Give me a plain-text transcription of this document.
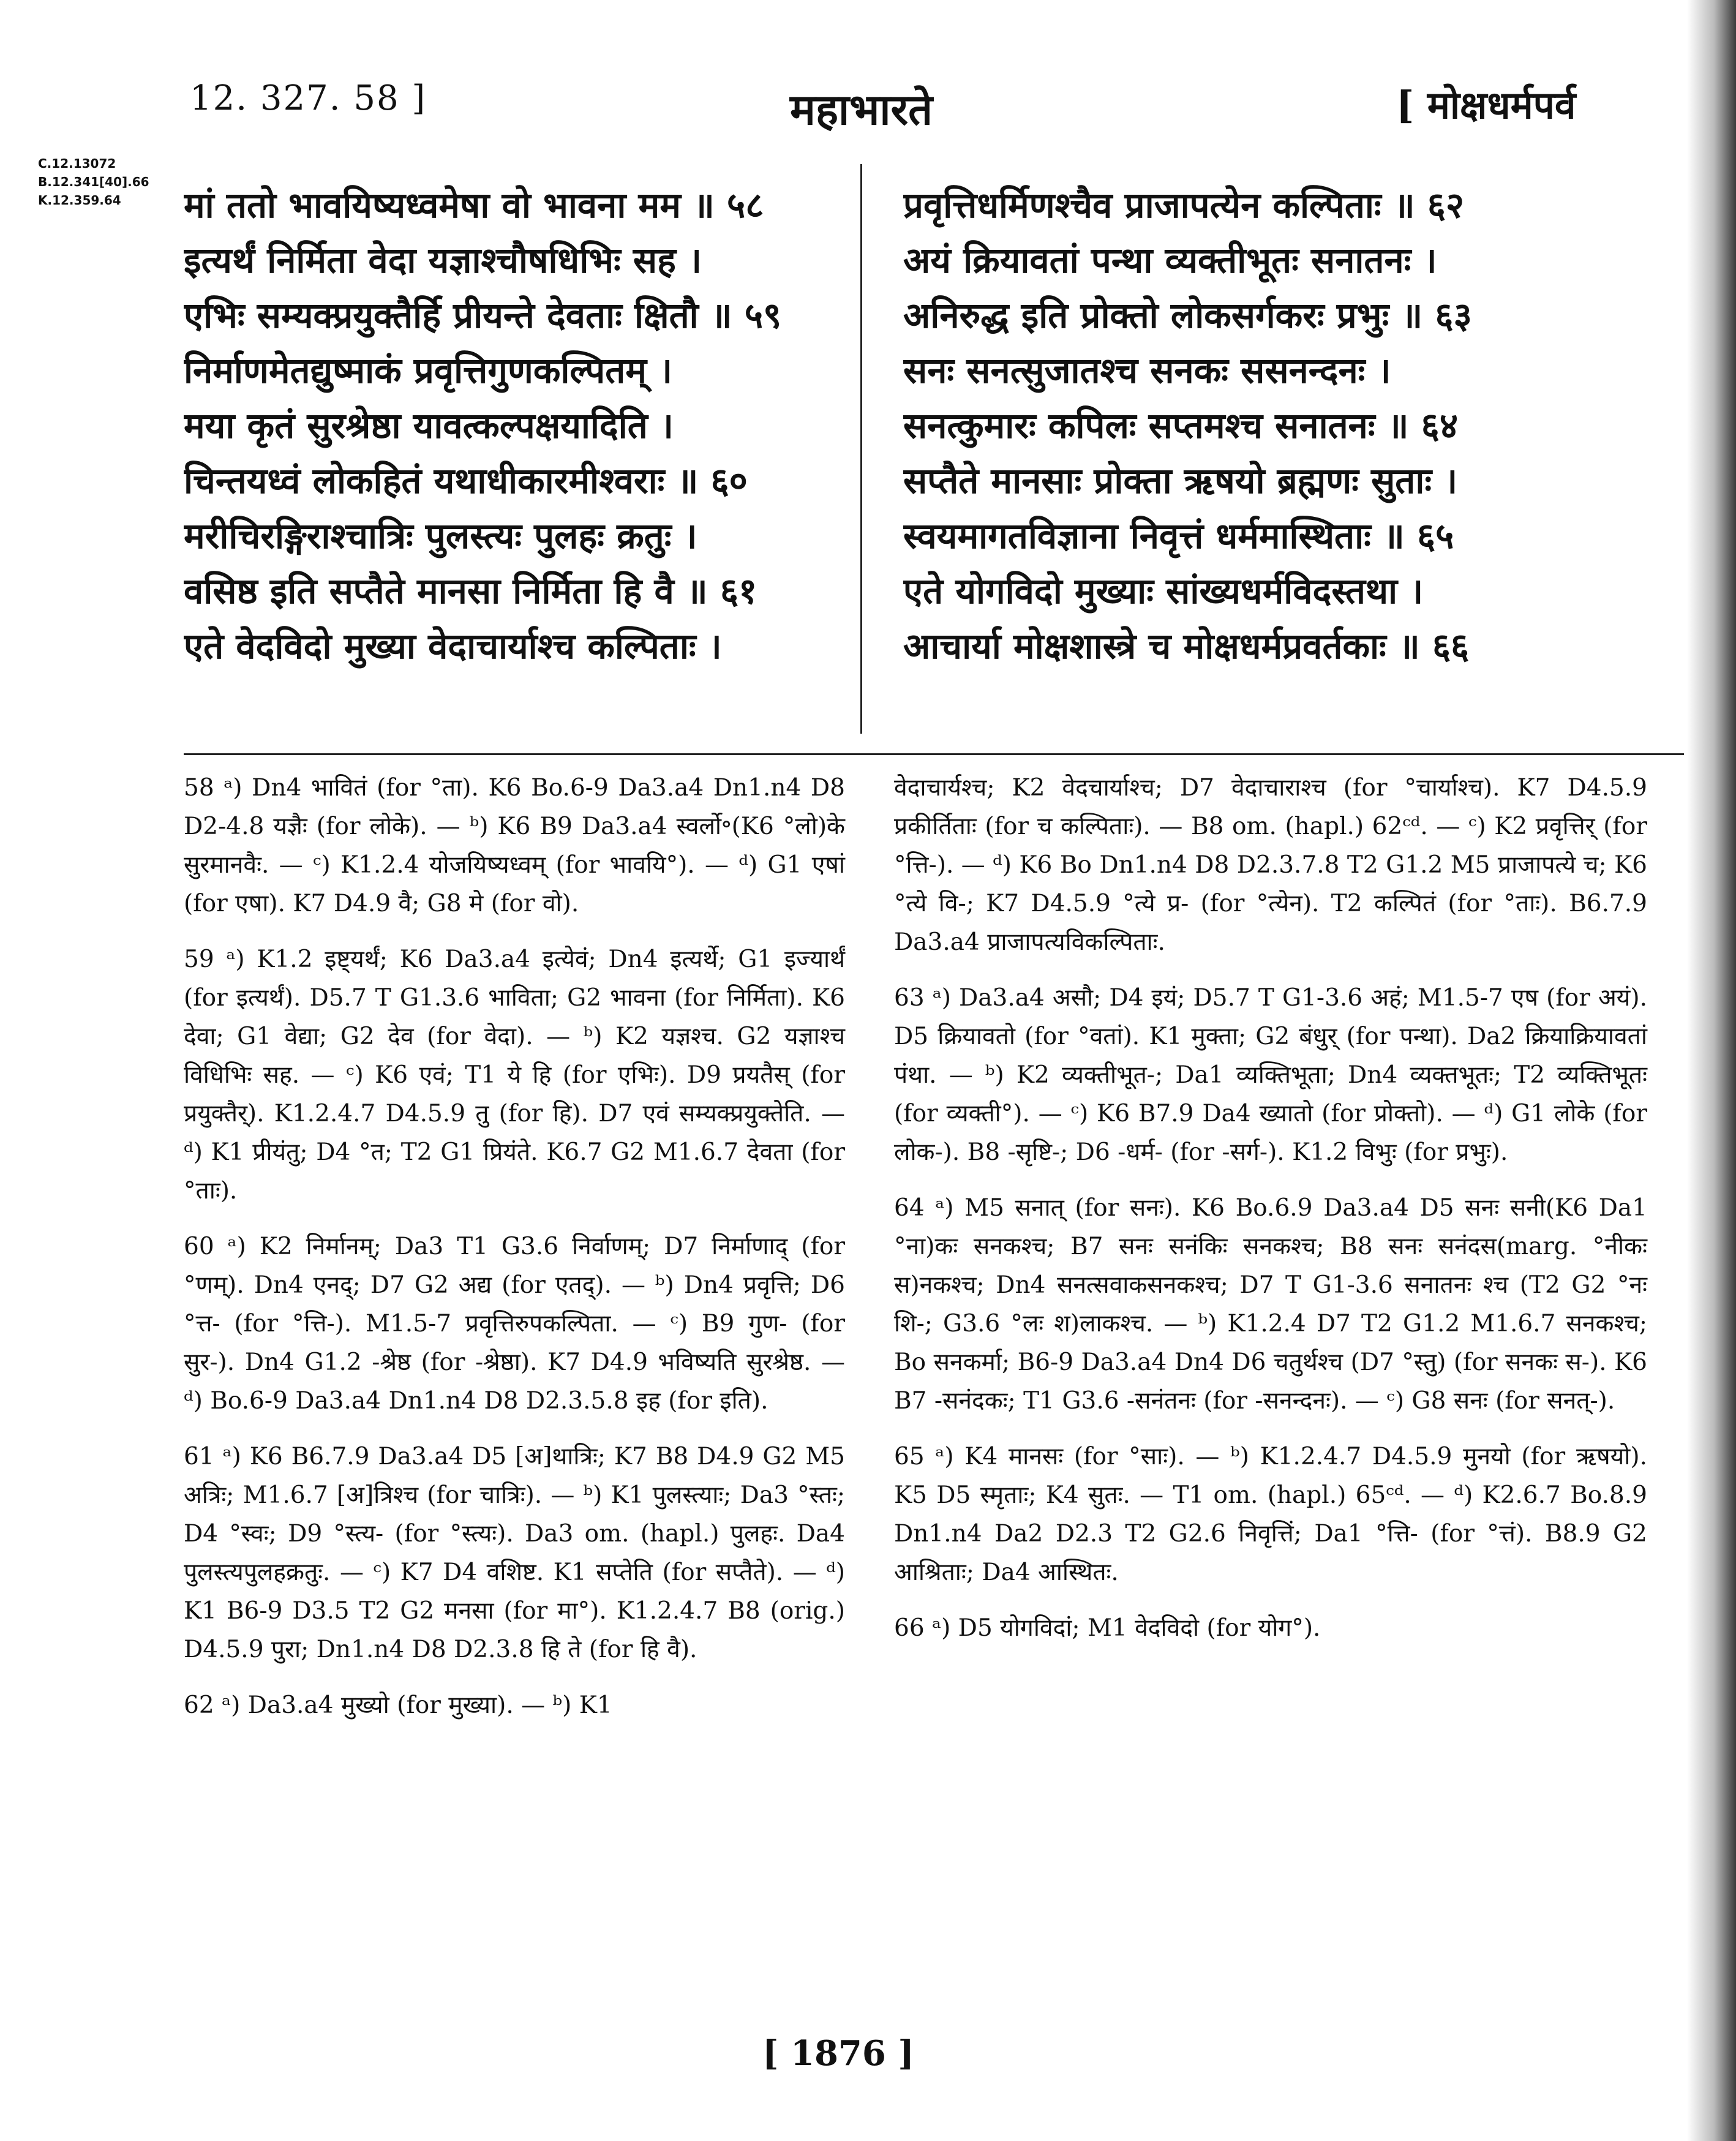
12. 327. 58 ]	महाभारते	[ मोक्षधर्मपर्व
C.12.13072
B.12.341[40].66
K.12.359.64	मां ततो भावयिष्यध्वमेषा वो भावना मम ॥ ५८
इत्यर्थं निर्मिता वेदा यज्ञाश्चौषधिभिः सह ।
एभिः सम्यक्प्रयुक्तैर्हि प्रीयन्ते देवताः क्षितौ ॥ ५९
निर्माणमेतद्युष्माकं प्रवृत्तिगुणकल्पितम् ।
मया कृतं सुरश्रेष्ठा यावत्कल्पक्षयादिति ।
चिन्तयध्वं लोकहितं यथाधीकारमीश्वराः ॥ ६०
मरीचिरङ्गिराश्चात्रिः पुलस्त्यः पुलहः क्रतुः ।
वसिष्ठ इति सप्तैते मानसा निर्मिता हि वै ॥ ६१
एते वेदविदो मुख्या वेदाचार्याश्च कल्पिताः ।
प्रवृत्तिधर्मिणश्चैव प्राजापत्येन कल्पिताः ॥ ६२
अयं क्रियावतां पन्था व्यक्तीभूतः सनातनः ।
अनिरुद्ध इति प्रोक्तो लोकसर्गकरः प्रभुः ॥ ६३
सनः सनत्सुजातश्च सनकः ससनन्दनः ।
सनत्कुमारः कपिलः सप्तमश्च सनातनः ॥ ६४
सप्तैते मानसाः प्रोक्ता ऋषयो ब्रह्मणः सुताः ।
स्वयमागतविज्ञाना निवृत्तं धर्ममास्थिताः ॥ ६५
एते योगविदो मुख्याः सांख्यधर्मविदस्तथा ।
आचार्या मोक्षशास्त्रे च मोक्षधर्मप्रवर्तकाः ॥ ६६

58 ᵃ) Dn4 भावितं (for °ता). K6 Bo.6-9 Da3.a4 Dn1.n4 D8 D2-4.8 यज्ञैः (for लोके). — ᵇ) K6 B9 Da3.a4 स्वर्लो॰(K6 °लो)के सुरमानवैः. — ᶜ) K1.2.4 योजयिष्यध्वम् (for भावयि°). — ᵈ) G1 एषां (for एषा). K7 D4.9 वै; G8 मे (for वो).

59 ᵃ) K1.2 इष्ट्यर्थं; K6 Da3.a4 इत्येवं; Dn4 इत्यर्थे; G1 इज्यार्थं (for इत्यर्थं). D5.7 T G1.3.6 भाविता; G2 भावना (for निर्मिता). K6 देवा; G1 वेद्या; G2 देव (for वेदा). — ᵇ) K2 यज्ञश्च. G2 यज्ञाश्च विधिभिः सह. — ᶜ) K6 एवं; T1 ये हि (for एभिः). D9 प्रयतैस् (for प्रयुक्तैर्). K1.2.4.7 D4.5.9 तु (for हि). D7 एवं सम्यक्प्रयुक्तेति. — ᵈ) K1 प्रीयंतु; D4 °त; T2 G1 प्रियंते. K6.7 G2 M1.6.7 देवता (for °ताः).

60 ᵃ) K2 निर्मानम्; Da3 T1 G3.6 निर्वाणम्; D7 निर्माणाद् (for °णम्). Dn4 एनद्; D7 G2 अद्य (for एतद्). — ᵇ) Dn4 प्रवृत्ति; D6 °त्त- (for °त्ति-). M1.5-7 प्रवृत्तिरुपकल्पिता. — ᶜ) B9 गुण- (for सुर-). Dn4 G1.2 -श्रेष्ठ (for -श्रेष्ठा). K7 D4.9 भविष्यति सुरश्रेष्ठ. — ᵈ) Bo.6-9 Da3.a4 Dn1.n4 D8 D2.3.5.8 इह (for इति).

61 ᵃ) K6 B6.7.9 Da3.a4 D5 [अ]थात्रिः; K7 B8 D4.9 G2 M5 अत्रिः; M1.6.7 [अ]त्रिश्च (for चात्रिः). — ᵇ) K1 पुलस्त्याः; Da3 °स्तः; D4 °स्वः; D9 °स्त्य- (for °स्त्यः). Da3 om. (hapl.) पुलहः. Da4 पुलस्त्यपुलहक्रतुः. — ᶜ) K7 D4 वशिष्ट. K1 सप्तेति (for सप्तैते). — ᵈ) K1 B6-9 D3.5 T2 G2 मनसा (for मा°). K1.2.4.7 B8 (orig.) D4.5.9 पुरा; Dn1.n4 D8 D2.3.8 हि ते (for हि वै).

62 ᵃ) Da3.a4 मुख्यो (for मुख्या). — ᵇ) K1

वेदाचार्यश्च; K2 वेदचार्याश्च; D7 वेदाचाराश्च (for °चार्याश्च). K7 D4.5.9 प्रकीर्तिताः (for च कल्पिताः). — B8 om. (hapl.) 62ᶜᵈ. — ᶜ) K2 प्रवृत्तिर् (for °त्ति-). — ᵈ) K6 Bo Dn1.n4 D8 D2.3.7.8 T2 G1.2 M5 प्राजापत्ये च; K6 °त्ये वि-; K7 D4.5.9 °त्ये प्र- (for °त्येन). T2 कल्पितं (for °ताः). B6.7.9 Da3.a4 प्राजापत्यविकल्पिताः.

63 ᵃ) Da3.a4 असौ; D4 इयं; D5.7 T G1-3.6 अहं; M1.5-7 एष (for अयं). D5 क्रियावतो (for °वतां). K1 मुक्ता; G2 बंधुर् (for पन्था). Da2 क्रियाक्रियावतां पंथा. — ᵇ) K2 व्यक्तीभूत-; Da1 व्यक्तिभूता; Dn4 व्यक्तभूतः; T2 व्यक्तिभूतः (for व्यक्ती°). — ᶜ) K6 B7.9 Da4 ख्यातो (for प्रोक्तो). — ᵈ) G1 लोके (for लोक-). B8 -सृष्टि-; D6 -धर्म- (for -सर्ग-). K1.2 विभुः (for प्रभुः).

64 ᵃ) M5 सनात् (for सनः). K6 Bo.6.9 Da3.a4 D5 सनः सनी(K6 Da1 °ना)कः सनकश्च; B7 सनः सनंकिः सनकश्च; B8 सनः सनंदस(marg. °नीकः स)नकश्च; Dn4 सनत्सवाकसनकश्च; D7 T G1-3.6 सनातनः श्च (T2 G2 °नः शि-; G3.6 °लः श)लाकश्च. — ᵇ) K1.2.4 D7 T2 G1.2 M1.6.7 सनकश्च; Bo सनकर्मा; B6-9 Da3.a4 Dn4 D6 चतुर्थश्च (D7 °स्तु) (for सनकः स-). K6 B7 -सनंदकः; T1 G3.6 -सनंतनः (for -सनन्दनः). — ᶜ) G8 सनः (for सनत्-).

65 ᵃ) K4 मानसः (for °साः). — ᵇ) K1.2.4.7 D4.5.9 मुनयो (for ऋषयो). K5 D5 स्मृताः; K4 सुतः. — T1 om. (hapl.) 65ᶜᵈ. — ᵈ) K2.6.7 Bo.8.9 Dn1.n4 Da2 D2.3 T2 G2.6 निवृत्तिं; Da1 °त्ति- (for °त्तं). B8.9 G2 आश्रिताः; Da4 आस्थितः.

66 ᵃ) D5 योगविदां; M1 वेदविदो (for योग°).

[ 1876 ]
